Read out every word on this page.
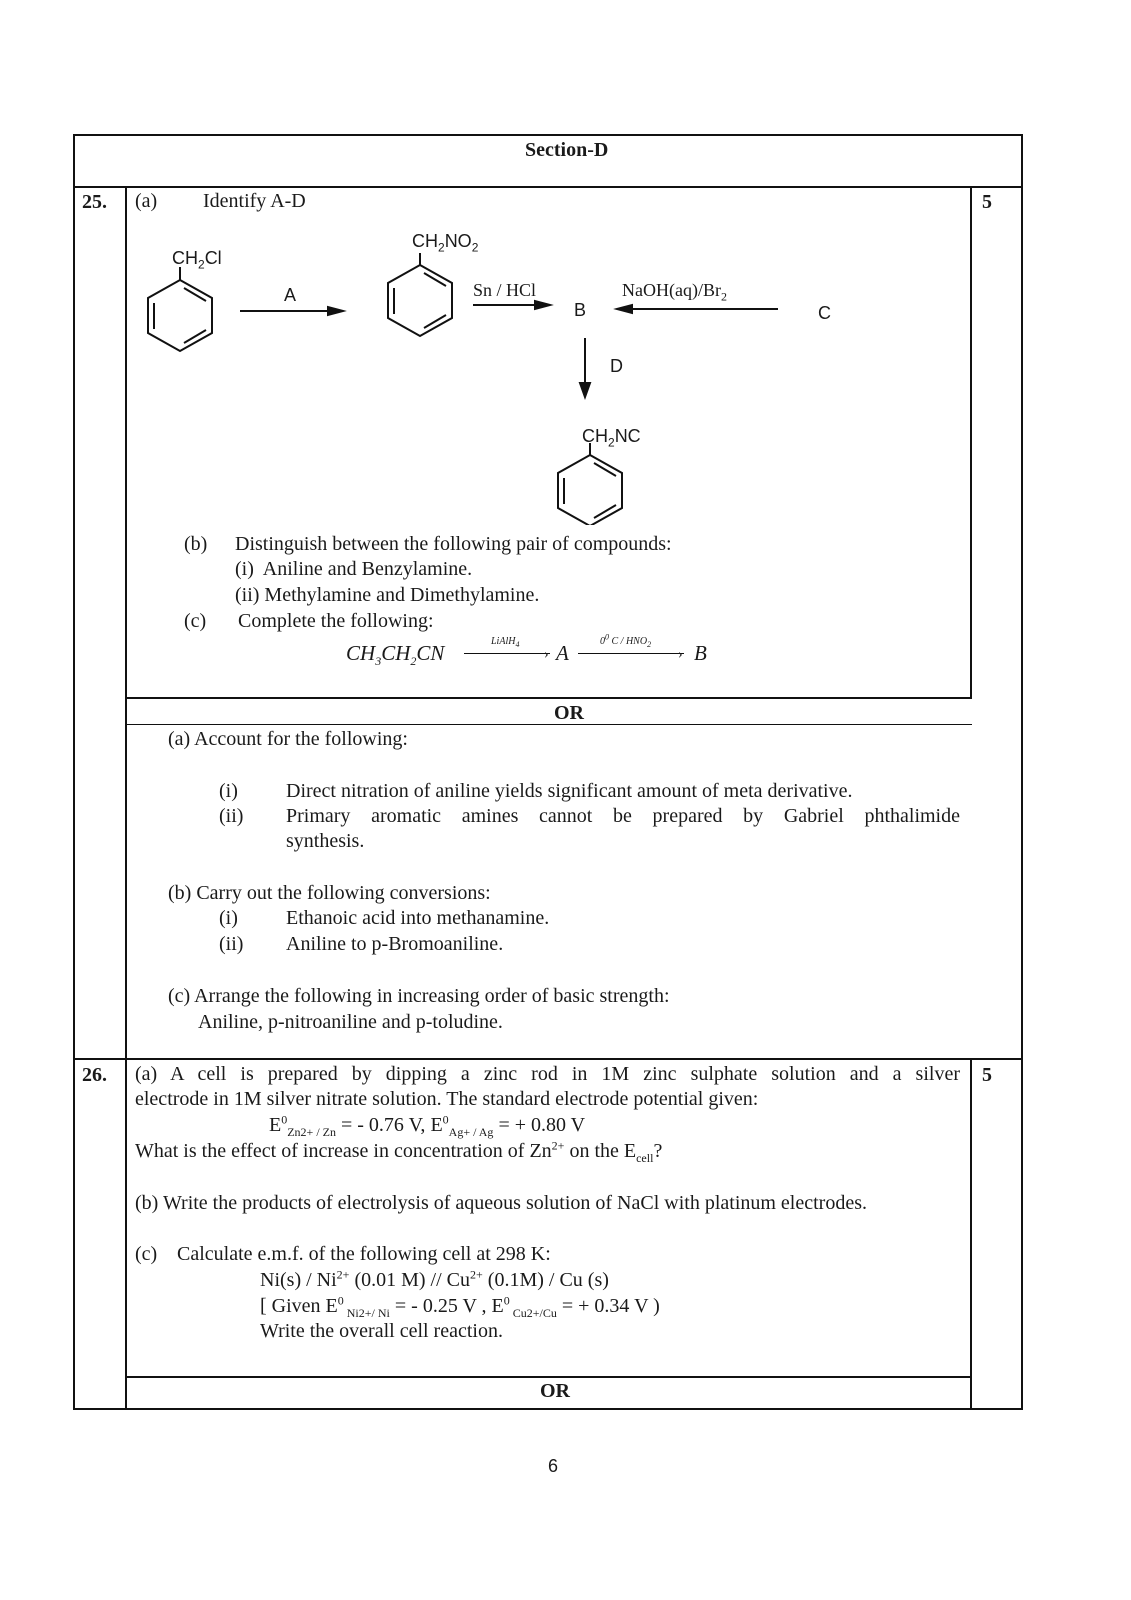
Section-D
25.	5
(a) Identify A-D
$CH_2Cl$
A
$CH_2NO_2$
Sn / HCl
B
$NaOH(aq)/Br_2$
C
D
$CH_2NC$
(b) Distinguish between the following pair of compounds:
(i)  Aniline and Benzylamine.
(ii) Methylamine and Dimethylamine.
(c) Complete the following:
$CH_3CH_2CN$	LiAlH$_4$
› A	$0^0$ C / $HNO_2$
› B
OR
(a) Account for the following:
(i) Direct nitration of aniline yields significant amount of meta derivative.
(ii) Primary aromatic amines cannot be prepared by Gabriel phthalimide
synthesis.
(b) Carry out the following conversions:
(i) Ethanoic acid into methanamine.
(ii) Aniline to p-Bromoaniline.
(c) Arrange the following in increasing order of basic strength:
Aniline, p-nitroaniline and p-toludine.
26.	5
(a) A cell is prepared by dipping a zinc rod in 1M zinc sulphate solution and a silver
electrode in 1M silver nitrate solution. The standard electrode potential given:
$E^0_{Zn2+ / Zn}$ = - 0.76 V, $E^0_{Ag+ / Ag}$ = + 0.80 V
What is the effect of increase in concentration of $Zn^{2+}$ on the $E_{cell}$?
(b) Write the products of electrolysis of aqueous solution of NaCl with platinum electrodes.
(c) Calculate e.m.f. of the following cell at 298 K:
$Ni(s) / Ni^{2+}$ (0.01 $M) // Cu^{2+}$ (0.1M) / Cu (s)
[ Given $E^0$ $_{Ni2+/ Ni}$ = - 0.25 V , $E^0$ $_{Cu2+/Cu}$ = + 0.34 V )
Write the overall cell reaction.
OR
6
